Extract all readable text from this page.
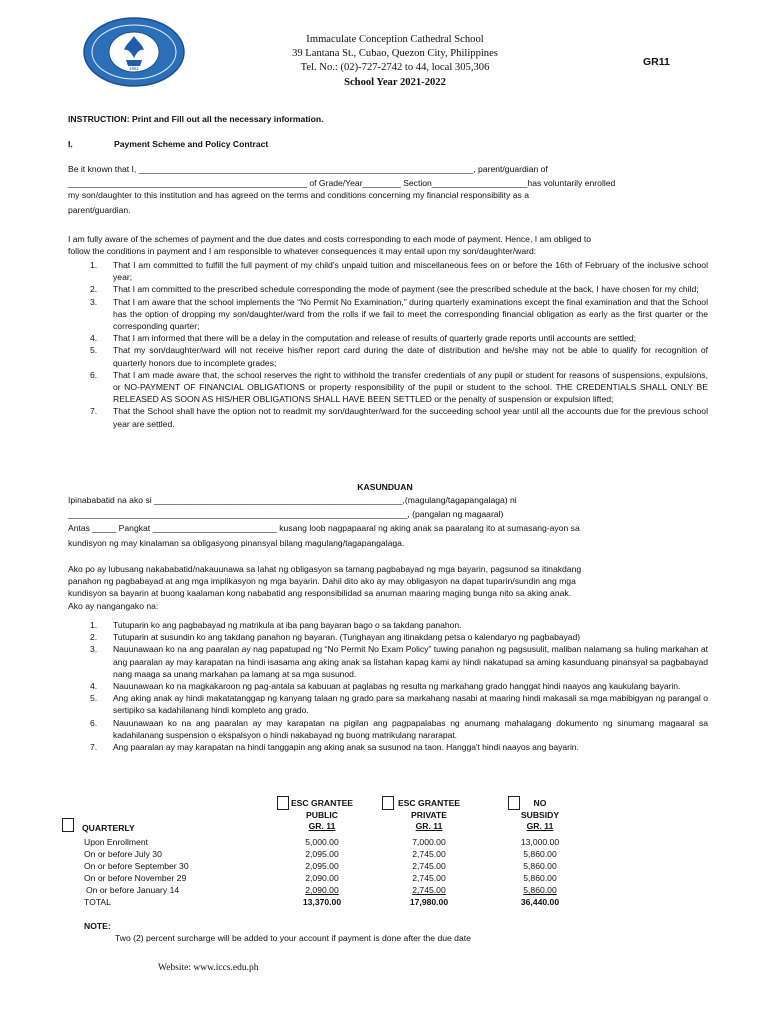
1961
Immaculate Conception Cathedral School
39 Lantana St., Cubao, Quezon City, Philippines
Tel. No.: (02)-727-2742 to 44, local 305,306
School Year 2021-2022
GR11
INSTRUCTION: Print and Fill out all the necessary information.
I.	Payment Scheme and Policy Contract
Be it known that I, ______________________________________________________________________, parent/guardian of
__________________________________________________ of Grade/Year________ Section____________________has voluntarily enrolled
my son/daughter to this institution and has agreed on the terms and conditions concerning my financial responsibility as a
parent/guardian.
I am fully aware of the schemes of payment and the due dates and costs corresponding to each mode of payment. Hence, I am obliged to
follow the conditions in payment and I am responsible to whatever consequences it may entail upon my son/daughter/ward:
1. That I am committed to fulfill the full payment of my child's unpaid tuition and miscellaneous fees on or before the 16th of February of the inclusive school year;
2. That I am committed to the prescribed schedule corresponding the mode of payment (see the prescribed schedule at the back, I have chosen for my child;
3. That I am aware that the school implements the “No Permit No Examination,” during quarterly examinations except the final examination and that the School has the option of dropping my son/daughter/ward from the rolls if we fail to meet the corresponding financial obligation as early as the first quarter or the corresponding quarter;
4. That I am informed that there will be a delay in the computation and release of results of quarterly grade reports until accounts are settled;
5. That my son/daughter/ward will not receive his/her report card during the date of distribution and he/she may not be able to qualify for recognition of quarterly honors due to incomplete grades;
6. That I am made aware that, the school reserves the right to withhold the transfer credentials of any pupil or student for reasons of suspensions, expulsions, or NO-PAYMENT OF FINANCIAL OBLIGATIONS or property responsibility of the pupil or student to the school. THE CREDENTIALS SHALL ONLY BE RELEASED AS SOON AS HIS/HER OBLIGATIONS SHALL HAVE BEEN SETTLED or the penalty of suspension or expulsion lifted;
7. That the School shall have the option not to readmit my son/daughter/ward for the succeeding school year until all the accounts due for the previous school year are settled.
KASUNDUAN
Ipinababatid na ako si ____________________________________________________,(magulang/tagapangalaga) ni
_______________________________________________________________________, (pangalan ng magaaral)
Antas _____ Pangkat __________________________ kusang loob nagpapaaral ng aking anak sa paaralang ito at sumasang-ayon sa
kundisyon ng may kinalaman sa obligasyong pinansyal bilang magulang/tagapangalaga.
Ako po ay lubusang nakababatid/nakauunawa sa lahat ng obligasyon sa tamang pagbabayad ng mga bayarin, pagsunod sa itinakdang
panahon ng pagbabayad at ang mga implikasyon ng mga bayarin. Dahil dito ako ay may obligasyon na dapat tuparin/sundin ang mga
kundisyon sa bayarin at buong kaalaman kong nababatid ang responsibilidad sa anuman maaring maging bunga nito sa aking anak.
Ako ay nangangako na:
1. Tutuparin ko ang pagbabayad ng matrikula at iba pang bayaran bago o sa takdang panahon.
2. Tutuparin at susundin ko ang takdang panahon ng bayaran. (Tunghayan ang itinakdang petsa o kalendaryo ng pagbabayad)
3. Nauunawaan ko na ang paaralan ay nag papatupad ng “No Permit No Exam Policy” tuwing panahon ng pagsusulit, maliban nalamang sa huling markahan at ang paaralan ay may karapatan na hindi isasama ang aking anak sa listahan kapag kami ay hindi nakatupad sa aming kasunduang pinansyal sa pagbabayad nang maaga sa unang markahan pa lamang at sa mga susunod.
4. Nauunawaan ko na magkakaroon ng pag-antala sa kabuuan at paglabas ng resulta ng markahang grado hanggat hindi naayos ang kaukulang bayarin.
5. Ang aking anak ay hindi makatatanggap ng kanyang talaan ng grado para sa markahang nasabi at maaring hindi makasali sa mga mabibigyan ng parangal o sertipiko sa kadahilanang hindi kompleto ang grado.
6. Nauunawaan ko na ang paaralan ay may karapatan na pigilan ang pagpapalabas ng anumang mahalagang dokumento ng sinumang magaaral sa kadahilanang suspension o ekspalsyon o hindi nakabayad ng buong matrikulang nararapat.
7. Ang paaralan ay may karapatan na hindi tanggapin ang aking anak sa susunod na taon. Hangga't hindi naayos ang bayarin.
ESC GRANTEE
PUBLIC
GR. 11
ESC GRANTEE
PRIVATE
GR. 11
NO
SUBSIDY
GR. 11
QUARTERLY
Upon Enrollment
On or before July 30
On or before September 30
On or before November 29
On or before January 14
TOTAL
5,000.00
2,095.00
2,095.00
2,090.00
2,090.00
13,370.00
7,000.00
2,745.00
2,745.00
2,745.00
2,745.00
17,980.00
13,000.00
5,860.00
5,860.00
5,860.00
5,860.00
36,440.00
NOTE:
Two (2) percent surcharge will be added to your account if payment is done after the due date
Website: www.iccs.edu.ph
